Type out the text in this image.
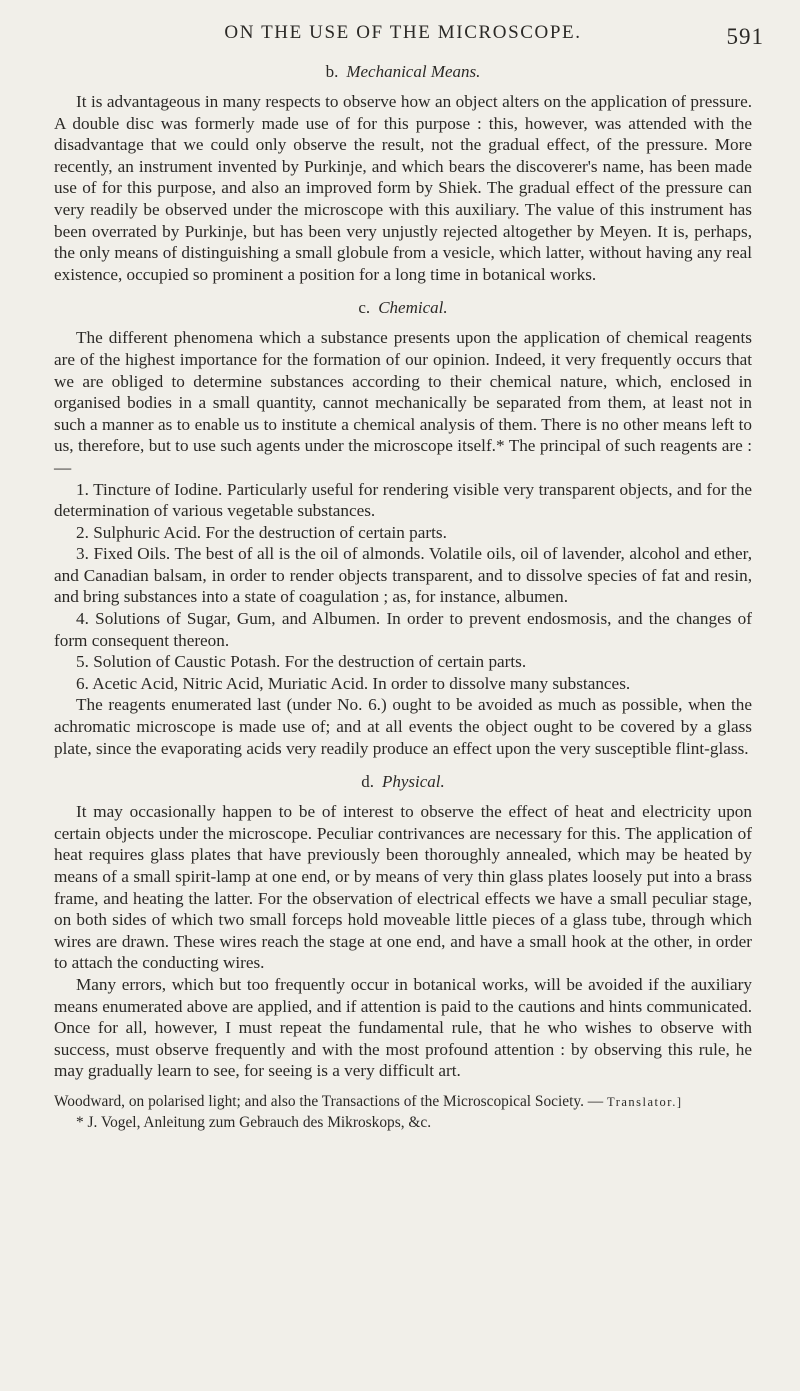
ON THE USE OF THE MICROSCOPE.	591
b. Mechanical Means.

It is advantageous in many respects to observe how an object alters on the application of pressure. A double disc was formerly made use of for this purpose : this, however, was attended with the disadvantage that we could only observe the result, not the gradual effect, of the pressure. More recently, an instrument invented by Purkinje, and which bears the discoverer's name, has been made use of for this purpose, and also an improved form by Shiek. The gradual effect of the pressure can very readily be observed under the microscope with this auxiliary. The value of this instrument has been overrated by Purkinje, but has been very unjustly rejected altogether by Meyen. It is, perhaps, the only means of distinguishing a small globule from a vesicle, which latter, without having any real existence, occupied so prominent a position for a long time in botanical works.

c. Chemical.

The different phenomena which a substance presents upon the application of chemical reagents are of the highest importance for the formation of our opinion. Indeed, it very frequently occurs that we are obliged to determine substances according to their chemical nature, which, enclosed in organised bodies in a small quantity, cannot mechanically be separated from them, at least not in such a manner as to enable us to institute a chemical analysis of them. There is no other means left to us, therefore, but to use such agents under the microscope itself.* The principal of such reagents are : —

1. Tincture of Iodine. Particularly useful for rendering visible very transparent objects, and for the determination of various vegetable substances.

2. Sulphuric Acid. For the destruction of certain parts.

3. Fixed Oils. The best of all is the oil of almonds. Volatile oils, oil of lavender, alcohol and ether, and Canadian balsam, in order to render objects transparent, and to dissolve species of fat and resin, and bring substances into a state of coagulation ; as, for instance, albumen.

4. Solutions of Sugar, Gum, and Albumen. In order to prevent endosmosis, and the changes of form consequent thereon.

5. Solution of Caustic Potash. For the destruction of certain parts.

6. Acetic Acid, Nitric Acid, Muriatic Acid. In order to dissolve many substances.

The reagents enumerated last (under No. 6.) ought to be avoided as much as possible, when the achromatic microscope is made use of; and at all events the object ought to be covered by a glass plate, since the evaporating acids very readily produce an effect upon the very susceptible flint-glass.

d. Physical.

It may occasionally happen to be of interest to observe the effect of heat and electricity upon certain objects under the microscope. Peculiar contrivances are necessary for this. The application of heat requires glass plates that have previously been thoroughly annealed, which may be heated by means of a small spirit-lamp at one end, or by means of very thin glass plates loosely put into a brass frame, and heating the latter. For the observation of electrical effects we have a small peculiar stage, on both sides of which two small forceps hold moveable little pieces of a glass tube, through which wires are drawn. These wires reach the stage at one end, and have a small hook at the other, in order to attach the conducting wires.

Many errors, which but too frequently occur in botanical works, will be avoided if the auxiliary means enumerated above are applied, and if attention is paid to the cautions and hints communicated. Once for all, however, I must repeat the fundamental rule, that he who wishes to observe with success, must observe frequently and with the most profound attention : by observing this rule, he may gradually learn to see, for seeing is a very difficult art.

Woodward, on polarised light; and also the Transactions of the Microscopical Society. — Translator.]

* J. Vogel, Anleitung zum Gebrauch des Mikroskops, &c.
